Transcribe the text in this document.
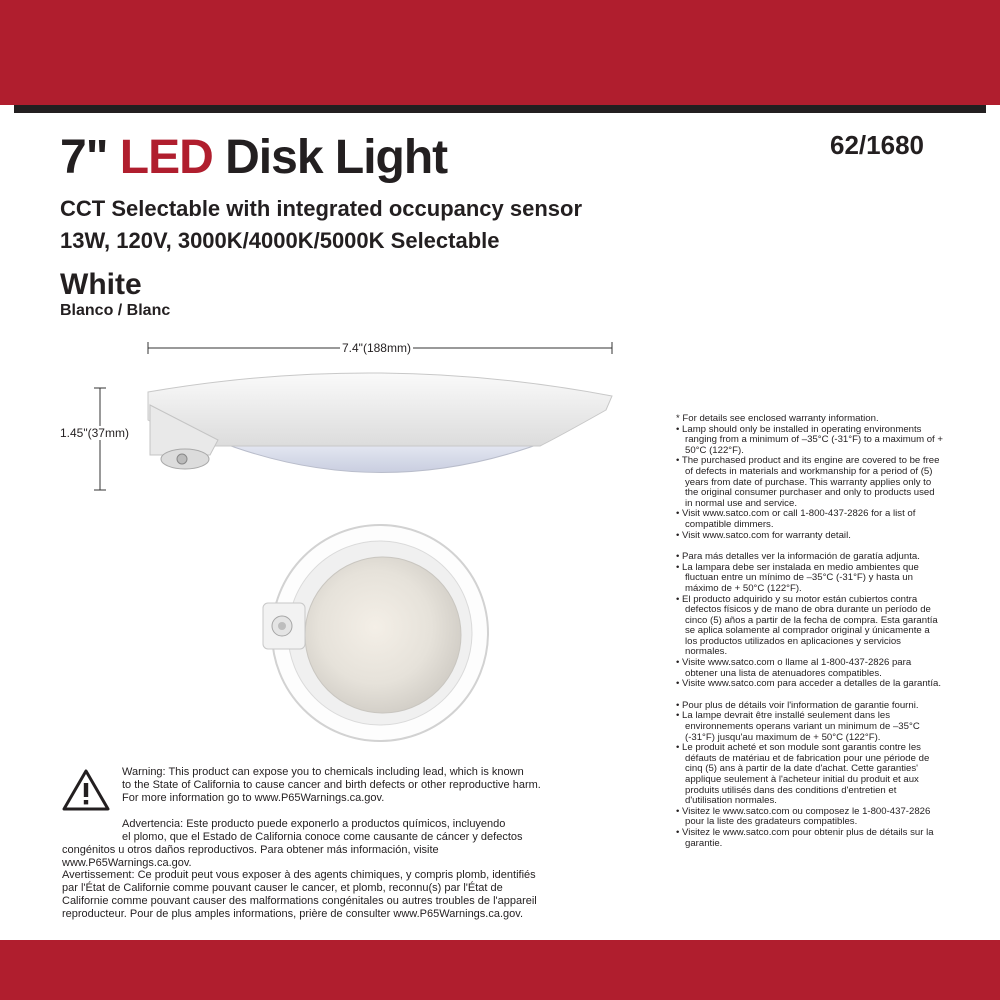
7" LED Disk Light	62/1680
CCT Selectable with integrated occupancy sensor
13W, 120V, 3000K/4000K/5000K Selectable
White
Blanco / Blanc
7.4"(188mm)
1.45"(37mm)
* For details see enclosed warranty information.
• Lamp should only be installed in operating environments ranging from a minimum of –35°C (-31°F) to a maximum of + 50°C (122°F).
• The purchased product and its engine are covered to be free of defects in materials and workmanship for a period of (5) years from date of purchase. This warranty applies only to the original consumer purchaser and only to products used in normal use and service.
• Visit www.satco.com or call 1-800-437-2826 for a list of compatible dimmers.
• Visit www.satco.com for warranty detail.
• Para más detalles ver la información de garatía adjunta.
• La lampara debe ser instalada en medio ambientes que fluctuan entre un mínimo de –35°C (-31°F) y hasta un máximo de + 50°C (122°F).
• El producto adquirido y su motor están cubiertos contra defectos físicos y de mano de obra durante un período de cinco (5) años a partir de la fecha de compra. Esta garantía se aplica solamente al comprador original y únicamente a los productos utilizados en aplicaciones y servicios normales.
• Visite www.satco.com o llame al 1-800-437-2826 para obtener una lista de atenuadores compatibles.
• Visite www.satco.com para acceder a detalles de la garantía.
• Pour plus de détails voir l'information de garantie fourni.
• La lampe devrait être installé seulement dans les environnements operans variant un minimum de –35°C (-31°F) jusqu'au maximum de + 50°C (122°F).
• Le produit acheté et son module sont garantis contre les défauts de matériau et de fabrication pour une période de cinq (5) ans à partir de la date d'achat. Cette garanties' applique seulement à l'acheteur initial du produit et aux produits utilisés dans des conditions d'entretien et d'utilisation normales.
• Visitez le www.satco.com ou composez le 1-800-437-2826 pour la liste des gradateurs compatibles.
• Visitez le www.satco.com pour obtenir plus de détails sur la garantie.
Warning: This product can expose you to chemicals including lead, which is known
to the State of California to cause cancer and birth defects or other reproductive harm.
For more information go to www.P65Warnings.ca.gov.
Advertencia: Este producto puede exponerlo a productos químicos, incluyendo
el plomo, que el Estado de California conoce come causante de cáncer y defectos
congénitos u otros daños reproductivos. Para obtener más información, visite
www.P65Warnings.ca.gov.
Avertissement: Ce produit peut vous exposer à des agents chimiques, y compris plomb, identifiés
par l'État de Californie comme pouvant causer le cancer, et plomb, reconnu(s) par l'État de
Californie comme pouvant causer des malformations congénitales ou autres troubles de l'appareil
reproducteur. Pour de plus amples informations, prière de consulter www.P65Warnings.ca.gov.
